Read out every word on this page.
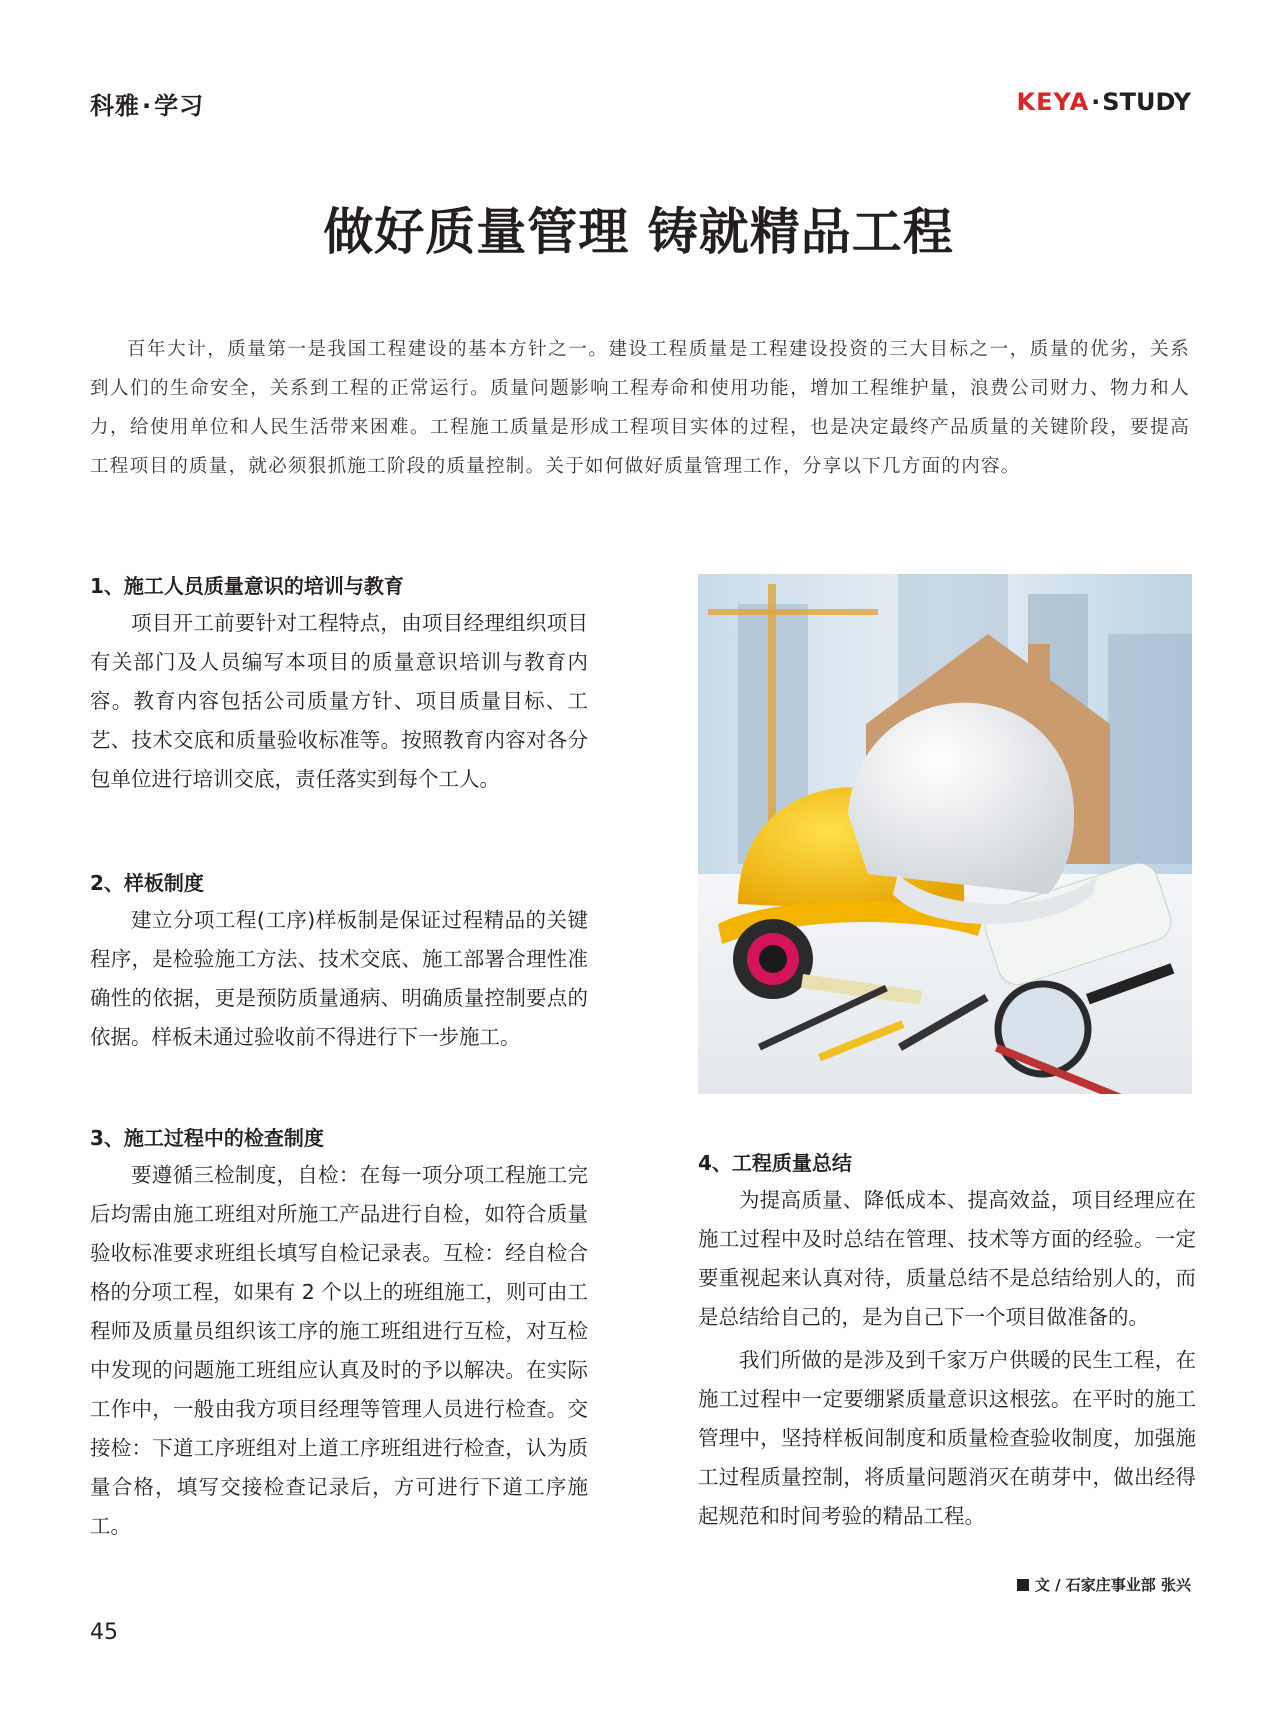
科雅·学习	KEYA·STUDY
做好质量管理 铸就精品工程
百年大计，质量第一是我国工程建设的基本方针之一。建设工程质量是工程建设投资的三大目标之一，质量的优劣，关系到人们的生命安全，关系到工程的正常运行。质量问题影响工程寿命和使用功能，增加工程维护量，浪费公司财力、物力和人力，给使用单位和人民生活带来困难。工程施工质量是形成工程项目实体的过程，也是决定最终产品质量的关键阶段，要提高工程项目的质量，就必须狠抓施工阶段的质量控制。关于如何做好质量管理工作，分享以下几方面的内容。
1、施工人员质量意识的培训与教育

项目开工前要针对工程特点，由项目经理组织项目有关部门及人员编写本项目的质量意识培训与教育内容。教育内容包括公司质量方针、项目质量目标、工艺、技术交底和质量验收标准等。按照教育内容对各分包单位进行培训交底，责任落实到每个工人。

2、样板制度

建立分项工程(工序)样板制是保证过程精品的关键程序，是检验施工方法、技术交底、施工部署合理性准确性的依据，更是预防质量通病、明确质量控制要点的依据。样板未通过验收前不得进行下一步施工。

3、施工过程中的检查制度

要遵循三检制度，自检：在每一项分项工程施工完后均需由施工班组对所施工产品进行自检，如符合质量验收标准要求班组长填写自检记录表。互检：经自检合格的分项工程，如果有 2 个以上的班组施工，则可由工程师及质量员组织该工序的施工班组进行互检，对互检中发现的问题施工班组应认真及时的予以解决。在实际工作中，一般由我方项目经理等管理人员进行检查。交接检：下道工序班组对上道工序班组进行检查，认为质量合格，填写交接检查记录后，方可进行下道工序施工。

4、工程质量总结

为提高质量、降低成本、提高效益，项目经理应在施工过程中及时总结在管理、技术等方面的经验。一定要重视起来认真对待，质量总结不是总结给别人的，而是总结给自己的，是为自己下一个项目做准备的。

我们所做的是涉及到千家万户供暖的民生工程，在施工过程中一定要绷紧质量意识这根弦。在平时的施工管理中，坚持样板间制度和质量检查验收制度，加强施工过程质量控制，将质量问题消灭在萌芽中，做出经得起规范和时间考验的精品工程。

文 / 石家庄事业部 张兴
45
